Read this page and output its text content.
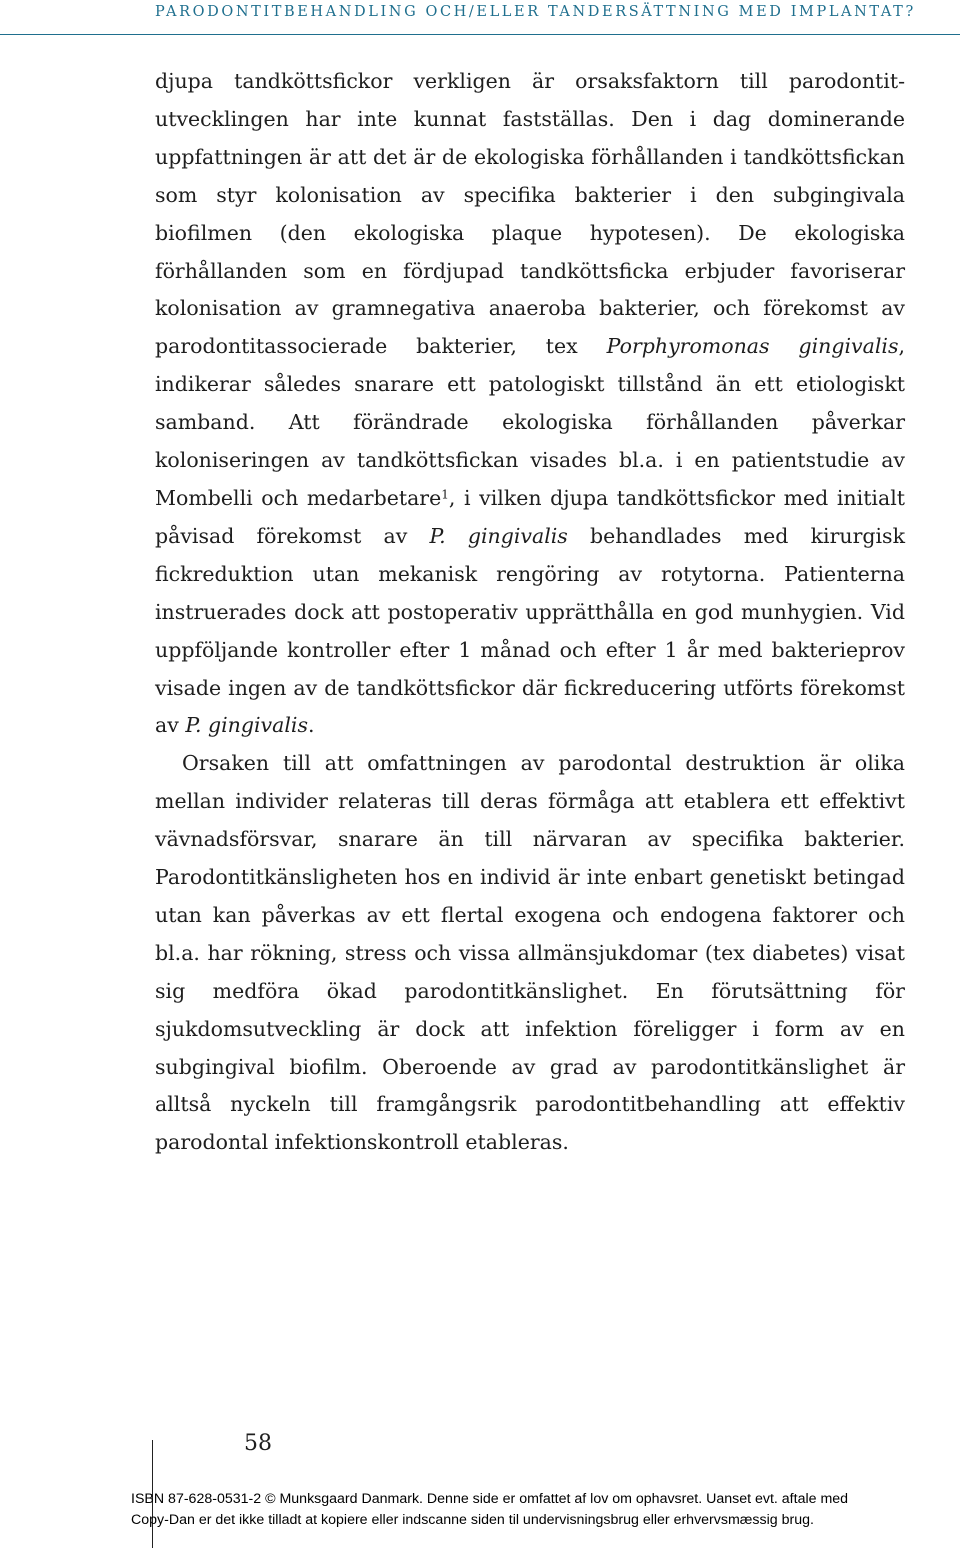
PARODONTITBEHANDLING OCH/ELLER TANDERSÄTTNING MED IMPLANTAT?

djupa tandköttsfickor verkligen är orsaksfaktorn till parodontitutvecklingen har inte kunnat fastställas. Den i dag dominerande uppfattningen är att det är de ekologiska förhållanden i tandköttsfickan som styr kolonisation av specifika bakterier i den subgingivala biofilmen (den ekologiska plaque hypotesen). De ekologiska förhållanden som en fördjupad tandköttsficka erbjuder favoriserar kolonisation av gramnegativa anaeroba bakterier, och förekomst av parodontitassocierade bakterier, tex Porphyromonas gingivalis, indikerar således snarare ett patologiskt tillstånd än ett etiologiskt samband. Att förändrade ekologiska förhållanden påverkar koloniseringen av tandköttsfickan visades bl.a. i en patientstudie av Mombelli och medarbetare$^1$, i vilken djupa tandköttsfickor med initialt påvisad förekomst av P. gingivalis behandlades med kirurgisk fickreduktion utan mekanisk rengöring av rotytorna. Patienterna instruerades dock att postoperativ upprätthålla en god munhygien. Vid uppföljande kontroller efter 1 månad och efter 1 år med bakterieprov visade ingen av de tandköttsfickor där fickreducering utförts förekomst av P. gingivalis.

Orsaken till att omfattningen av parodontal destruktion är olika mellan individer relateras till deras förmåga att etablera ett effektivt vävnadsförsvar, snarare än till närvaran av specifika bakterier. Parodontitkänsligheten hos en individ är inte enbart genetiskt betingad utan kan påverkas av ett flertal exogena och endogena faktorer och bl.a. har rökning, stress och vissa allmänsjukdomar (tex diabetes) visat sig medföra ökad parodontitkänslighet. En förutsättning för sjukdomsutveckling är dock att infektion föreligger i form av en subgingival biofilm. Oberoende av grad av parodontitkänslighet är alltså nyckeln till framgångsrik parodontitbehandling att effektiv parodontal infektionskontroll etableras.

58
ISBN 87-628-0531-2 © Munksgaard Danmark. Denne side er omfattet af lov om ophavsret. Uanset evt. aftale med
Copy-Dan er det ikke tilladt at kopiere eller indscanne siden til undervisningsbrug eller erhvervsmæssig brug.
